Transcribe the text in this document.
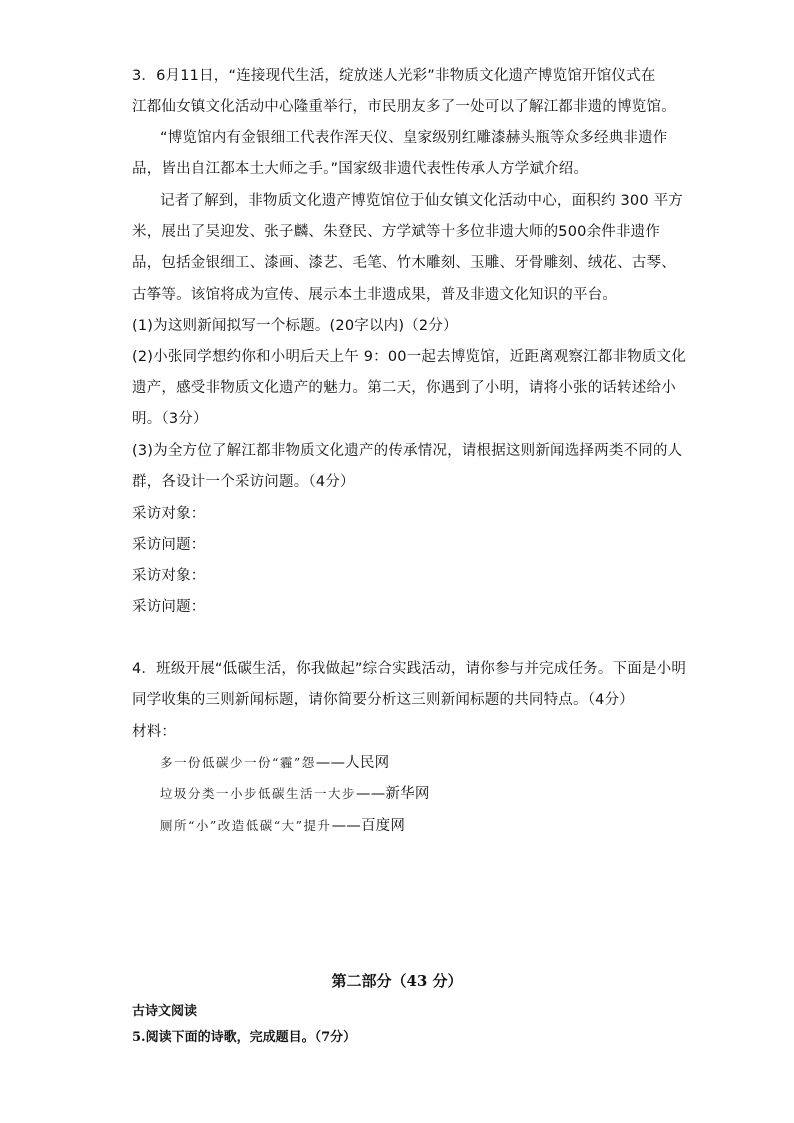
3．6月11日，“连接现代生活，绽放迷人光彩”非物质文化遗产博览馆开馆仪式在
江都仙女镇文化活动中心隆重举行，市民朋友多了一处可以了解江都非遗的博览馆。
“博览馆内有金银细工代表作浑天仪、皇家级别红雕漆赫头瓶等众多经典非遗作
品，皆出自江都本土大师之手。”国家级非遗代表性传承人方学斌介绍。
记者了解到，非物质文化遗产博览馆位于仙女镇文化活动中心，面积约 300 平方
米，展出了吴迎发、张子麟、朱登民、方学斌等十多位非遗大师的500余件非遗作
品，包括金银细工、漆画、漆艺、毛笔、竹木雕刻、玉雕、牙骨雕刻、绒花、古琴、
古筝等。该馆将成为宣传、展示本土非遗成果，普及非遗文化知识的平台。
(1)为这则新闻拟写一个标题。(20字以内)（2分）
(2)小张同学想约你和小明后天上午 9：00一起去博览馆，近距离观察江都非物质文化
遗产，感受非物质文化遗产的魅力。第二天，你遇到了小明，请将小张的话转述给小
明。（3分）
(3)为全方位了解江都非物质文化遗产的传承情况，请根据这则新闻选择两类不同的人
群，各设计一个采访问题。（4分）
采访对象：
采访问题：
采访对象：
采访问题：
4．班级开展“低碳生活，你我做起”综合实践活动，请你参与并完成任务。下面是小明
同学收集的三则新闻标题，请你简要分析这三则新闻标题的共同特点。（4分）
材料：
多一份低碳少一份“霾”怨——人民网
垃圾分类一小步低碳生活一大步——新华网
厕所“小”改造低碳“大”提升——百度网
第二部分（43 分）
古诗文阅读
5.阅读下面的诗歌，完成题目。（7分）
